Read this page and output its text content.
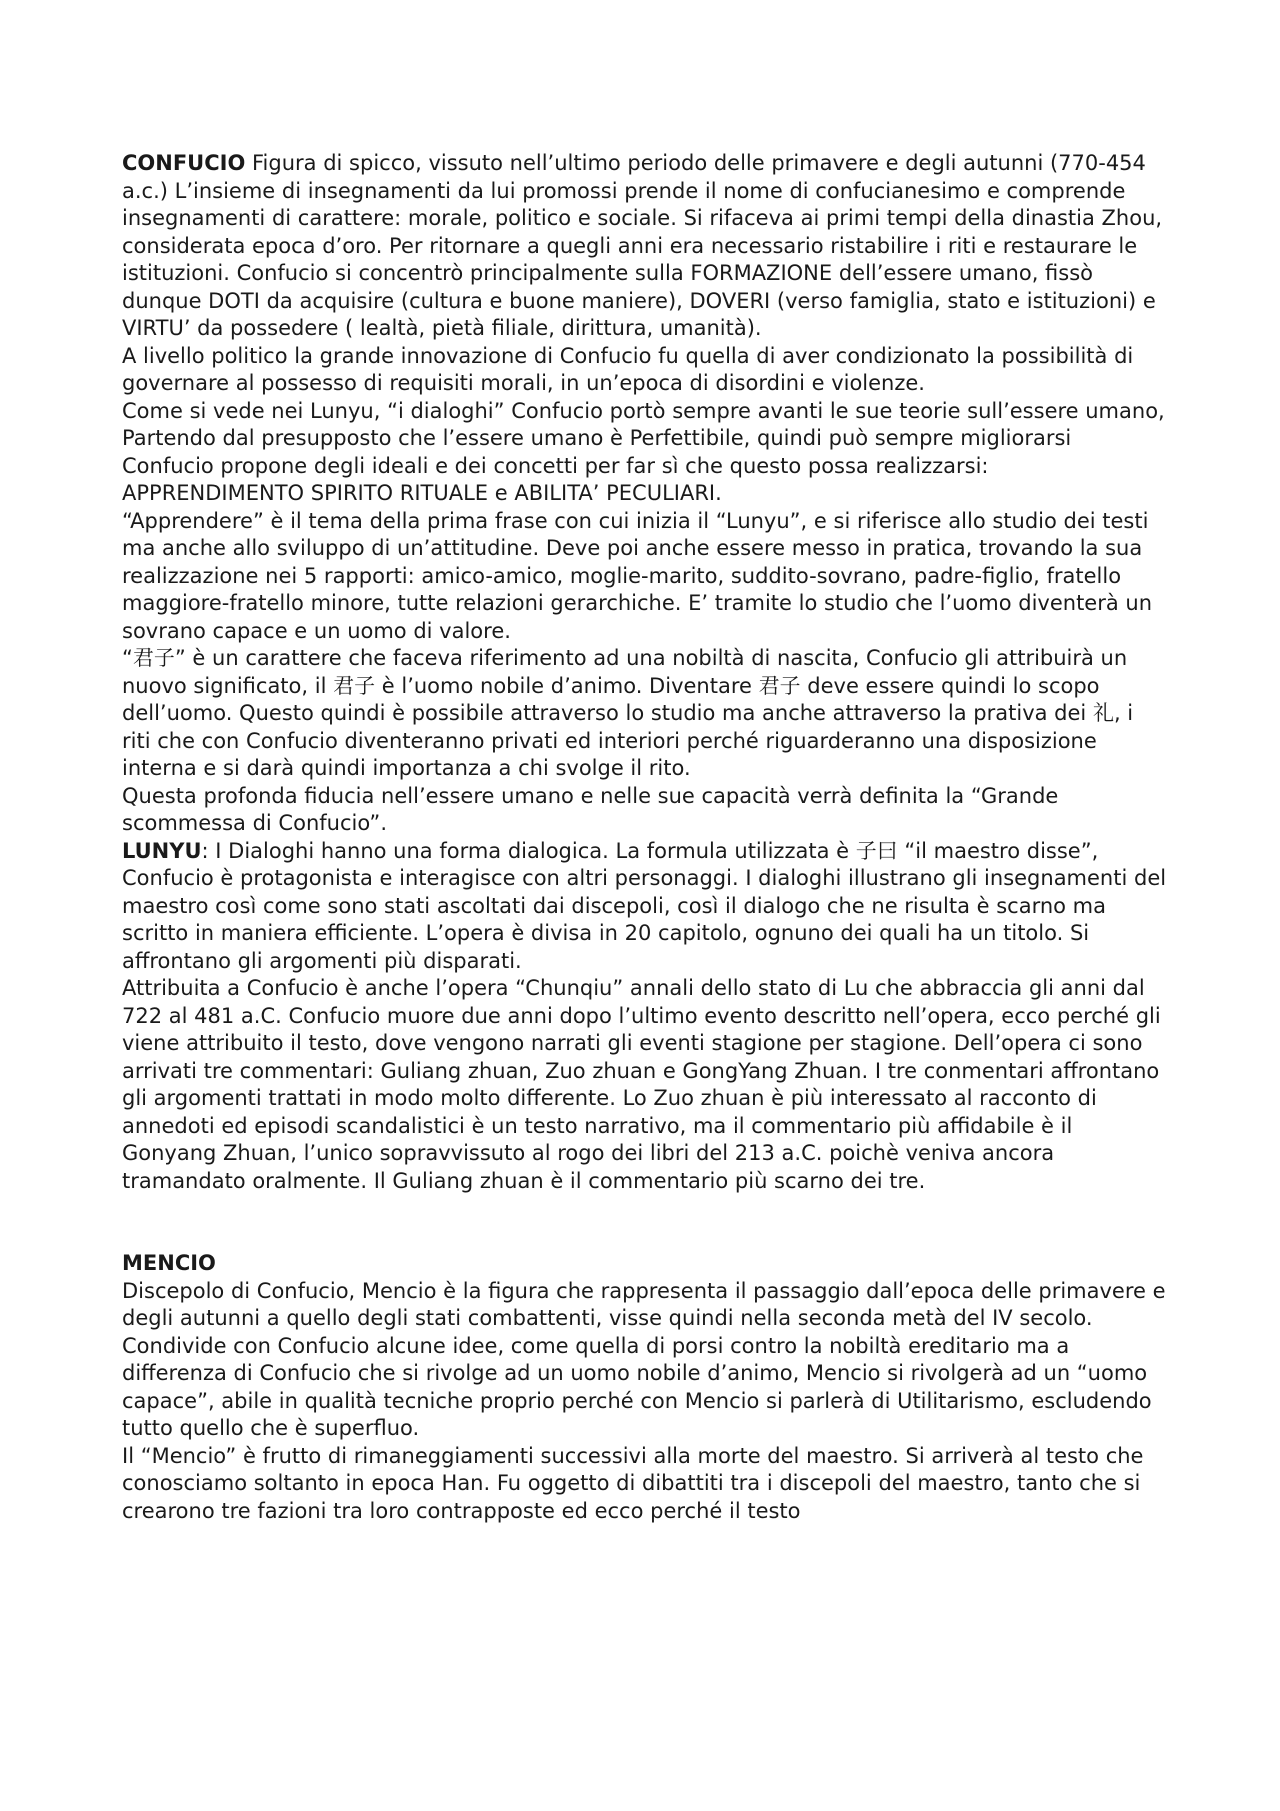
CONFUCIO Figura di spicco, vissuto nell’ultimo periodo delle primavere e degli autunni (770-454 a.c.) L’insieme di insegnamenti da lui promossi prende il nome di confucianesimo e comprende insegnamenti di carattere: morale, politico e sociale. Si rifaceva ai primi tempi della dinastia Zhou, considerata epoca d’oro. Per ritornare a quegli anni era necessario ristabilire i riti e restaurare le istituzioni. Confucio si concentrò principalmente sulla FORMAZIONE dell’essere umano, fissò dunque DOTI da acquisire (cultura e buone maniere), DOVERI (verso famiglia, stato e istituzioni) e VIRTU’ da possedere ( lealtà, pietà filiale, dirittura, umanità).

A livello politico la grande innovazione di Confucio fu quella di aver condizionato la possibilità di governare al possesso di requisiti morali, in un’epoca di disordini e violenze.

Come si vede nei Lunyu, “i dialoghi” Confucio portò sempre avanti le sue teorie sull’essere umano, Partendo dal presupposto che l’essere umano è Perfettibile, quindi può sempre migliorarsi Confucio propone degli ideali e dei concetti per far sì che questo possa realizzarsi: APPRENDIMENTO SPIRITO RITUALE e ABILITA’ PECULIARI.

“Apprendere” è il tema della prima frase con cui inizia il “Lunyu”, e si riferisce allo studio dei testi ma anche allo sviluppo di un’attitudine. Deve poi anche essere messo in pratica, trovando la sua realizzazione nei 5 rapporti: amico-amico, moglie-marito, suddito-sovrano, padre-figlio, fratello maggiore-fratello minore, tutte relazioni gerarchiche. E’ tramite lo studio che l’uomo diventerà un sovrano capace e un uomo di valore.

“君子” è un carattere che faceva riferimento ad una nobiltà di nascita, Confucio gli attribuirà un nuovo significato, il 君子 è l’uomo nobile d’animo. Diventare 君子 deve essere quindi lo scopo dell’uomo. Questo quindi è possibile attraverso lo studio ma anche attraverso la prativa dei 礼, i riti che con Confucio diventeranno privati ed interiori perché riguarderanno una disposizione interna e si darà quindi importanza a chi svolge il rito.

Questa profonda fiducia nell’essere umano e nelle sue capacità verrà definita la “Grande scommessa di Confucio”.

LUNYU: I Dialoghi hanno una forma dialogica. La formula utilizzata è 子曰 “il maestro disse”, Confucio è protagonista e interagisce con altri personaggi. I dialoghi illustrano gli insegnamenti del maestro così come sono stati ascoltati dai discepoli, così il dialogo che ne risulta è scarno ma scritto in maniera efficiente. L’opera è divisa in 20 capitolo, ognuno dei quali ha un titolo. Si affrontano gli argomenti più disparati.

Attribuita a Confucio è anche l’opera “Chunqiu” annali dello stato di Lu che abbraccia gli anni dal 722 al 481 a.C. Confucio muore due anni dopo l’ultimo evento descritto nell’opera, ecco perché gli viene attribuito il testo, dove vengono narrati gli eventi stagione per stagione. Dell’opera ci sono arrivati tre commentari: Guliang zhuan, Zuo zhuan e GongYang Zhuan. I tre conmentari affrontano gli argomenti trattati in modo molto differente. Lo Zuo zhuan è più interessato al racconto di annedoti ed episodi scandalistici è un testo narrativo, ma il commentario più affidabile è il Gonyang Zhuan, l’unico sopravvissuto al rogo dei libri del 213 a.C. poichè veniva ancora tramandato oralmente. Il Guliang zhuan è il commentario più scarno dei tre.

MENCIO

Discepolo di Confucio, Mencio è la figura che rappresenta il passaggio dall’epoca delle primavere e degli autunni a quello degli stati combattenti, visse quindi nella seconda metà del IV secolo. Condivide con Confucio alcune idee, come quella di porsi contro la nobiltà ereditario ma a differenza di Confucio che si rivolge ad un uomo nobile d’animo, Mencio si rivolgerà ad un “uomo capace”, abile in qualità tecniche proprio perché con Mencio si parlerà di Utilitarismo, escludendo tutto quello che è superfluo.

Il “Mencio” è frutto di rimaneggiamenti successivi alla morte del maestro. Si arriverà al testo che conosciamo soltanto in epoca Han. Fu oggetto di dibattiti tra i discepoli del maestro, tanto che si crearono tre fazioni tra loro contrapposte ed ecco perché il testo
